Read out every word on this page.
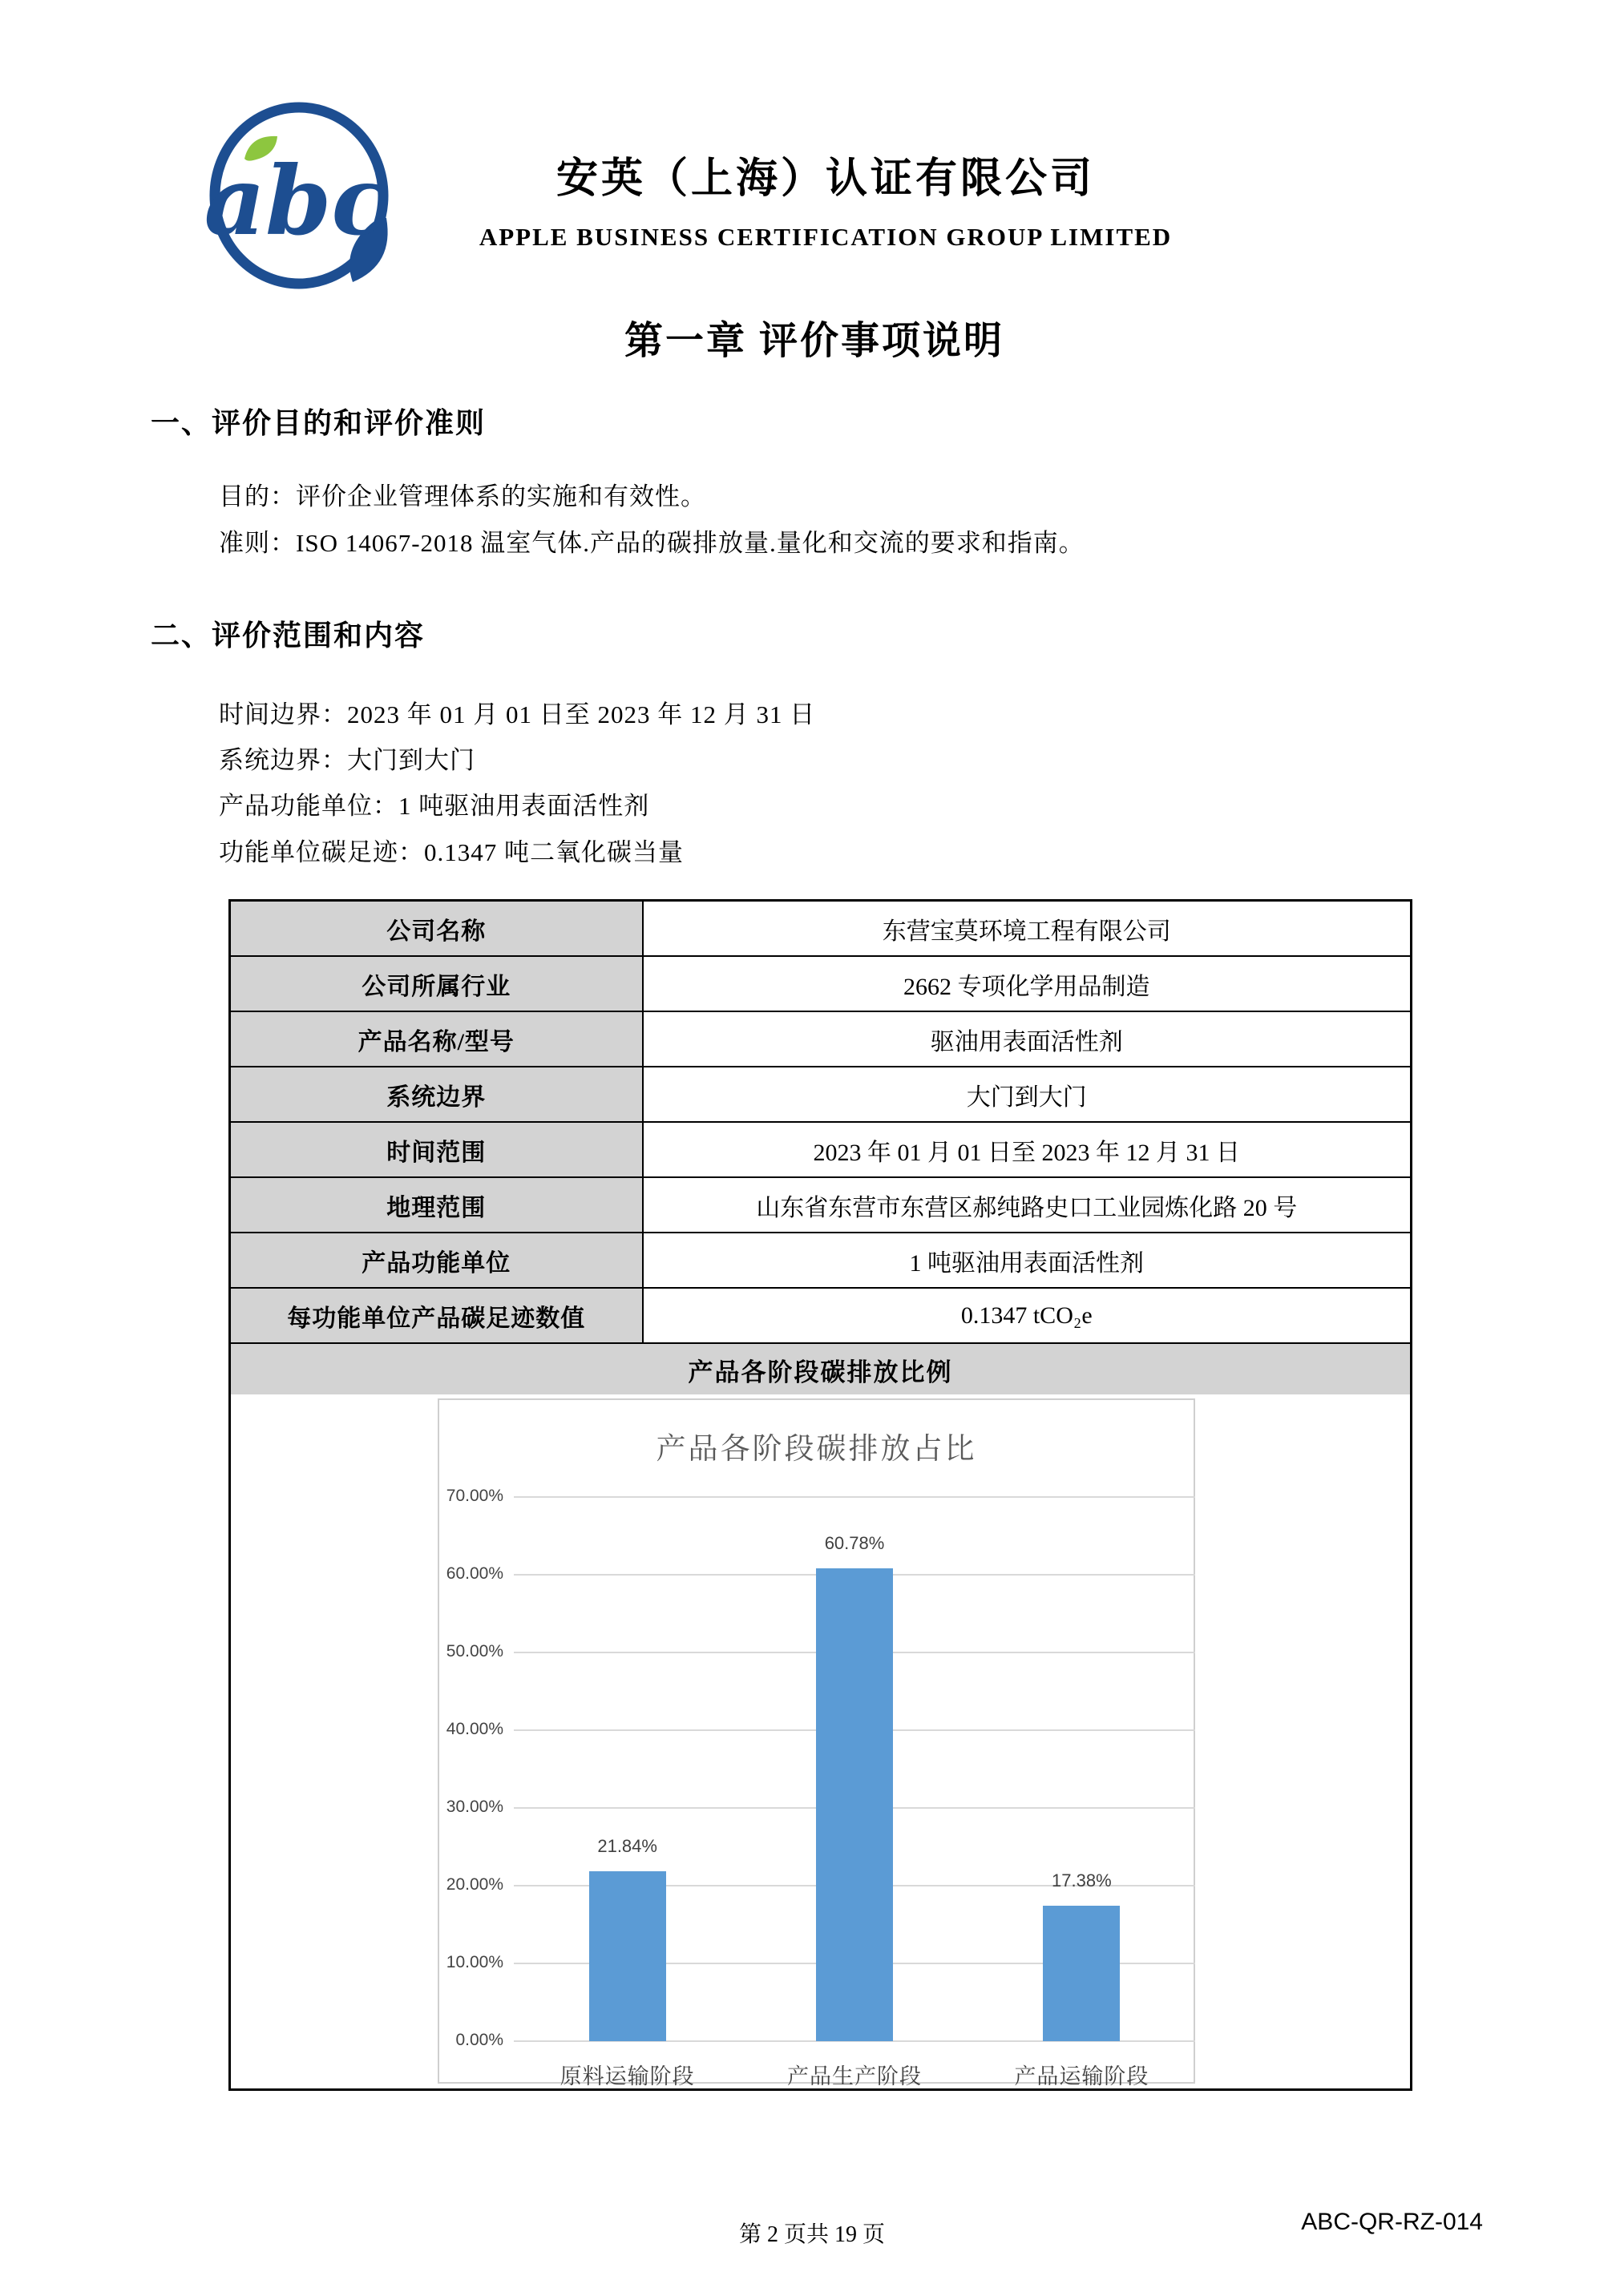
abc	安英（上海）认证有限公司
APPLE BUSINESS CERTIFICATION GROUP LIMITED
第一章 评价事项说明
一、评价目的和评价准则
目的：评价企业管理体系的实施和有效性。
准则：ISO 14067-2018 温室气体.产品的碳排放量.量化和交流的要求和指南。
二、评价范围和内容
时间边界：2023 年 01 月 01 日至 2023 年 12 月 31 日
系统边界：大门到大门
产品功能单位：1 吨驱油用表面活性剂
功能单位碳足迹：0.1347 吨二氧化碳当量
公司名称	东营宝莫环境工程有限公司
公司所属行业	2662 专项化学用品制造
产品名称/型号	驱油用表面活性剂
系统边界	大门到大门
时间范围	2023 年 01 月 01 日至 2023 年 12 月 31 日
地理范围	山东省东营市东营区郝纯路史口工业园炼化路 20 号
产品功能单位	1 吨驱油用表面活性剂
每功能单位产品碳足迹数值	0.1347 tCO₂e
产品各阶段碳排放比例	
产品各阶段碳排放占比
0.00%
10.00%
20.00%
30.00%
40.00%
50.00%
60.00%
70.00%
21.84%
原料运输阶段
60.78%
产品生产阶段
17.38%
产品运输阶段
第 2 页共 19 页	ABC-QR-RZ-014
